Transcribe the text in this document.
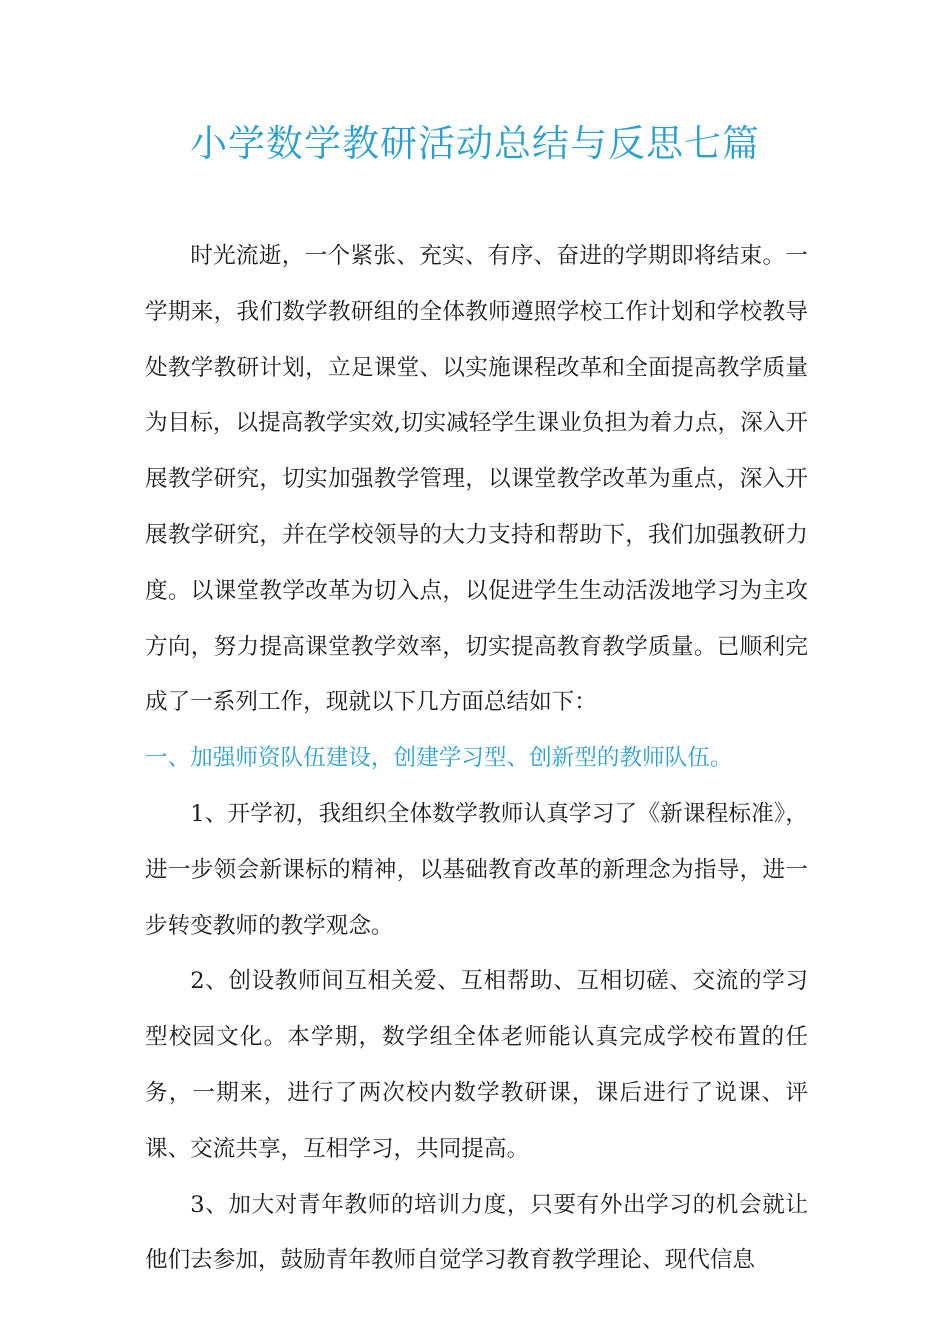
小学数学教研活动总结与反思七篇

时光流逝，一个紧张、充实、有序、奋进的学期即将结束。一学期来，我们数学教研组的全体教师遵照学校工作计划和学校教导处教学教研计划，立足课堂、以实施课程改革和全面提高教学质量为目标，以提高教学实效,切实减轻学生课业负担为着力点，深入开展教学研究，切实加强教学管理，以课堂教学改革为重点，深入开展教学研究，并在学校领导的大力支持和帮助下，我们加强教研力度。以课堂教学改革为切入点，以促进学生生动活泼地学习为主攻方向，努力提高课堂教学效率，切实提高教育教学质量。已顺利完成了一系列工作，现就以下几方面总结如下：

一、加强师资队伍建设，创建学习型、创新型的教师队伍。

1、开学初，我组织全体数学教师认真学习了《新课程标准》，进一步领会新课标的精神，以基础教育改革的新理念为指导，进一步转变教师的教学观念。

2、创设教师间互相关爱、互相帮助、互相切磋、交流的学习型校园文化。本学期，数学组全体老师能认真完成学校布置的任务，一期来，进行了两次校内数学教研课，课后进行了说课、评课、交流共享，互相学习，共同提高。

3、加大对青年教师的培训力度，只要有外出学习的机会就让他们去参加，鼓励青年教师自觉学习教育教学理论、现代信息
